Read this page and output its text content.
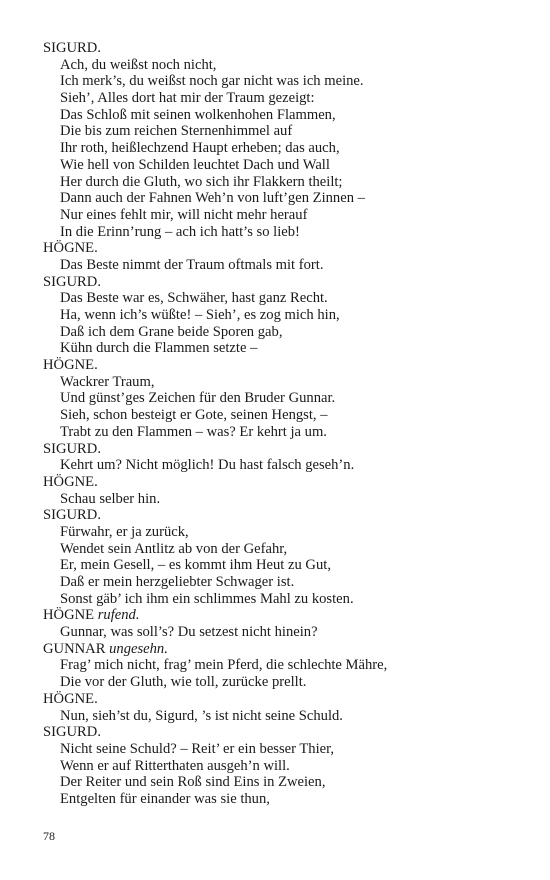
SIGURD.
Ach, du weißst noch nicht,
Ich merk’s, du weißst noch gar nicht was ich meine.
Sieh’, Alles dort hat mir der Traum gezeigt:
Das Schloß mit seinen wolkenhohen Flammen,
Die bis zum reichen Sternenhimmel auf
Ihr roth, heißlechzend Haupt erheben; das auch,
Wie hell von Schilden leuchtet Dach und Wall
Her durch die Gluth, wo sich ihr Flakkern theilt;
Dann auch der Fahnen Weh’n von luft’gen Zinnen –
Nur eines fehlt mir, will nicht mehr herauf
In die Erinn’rung – ach ich hatt’s so lieb!
HÖGNE.
Das Beste nimmt der Traum oftmals mit fort.
SIGURD.
Das Beste war es, Schwäher, hast ganz Recht.
Ha, wenn ich’s wüßte! – Sieh’, es zog mich hin,
Daß ich dem Grane beide Sporen gab,
Kühn durch die Flammen setzte –
HÖGNE.
Wackrer Traum,
Und günst’ges Zeichen für den Bruder Gunnar.
Sieh, schon besteigt er Gote, seinen Hengst, –
Trabt zu den Flammen – was? Er kehrt ja um.
SIGURD.
Kehrt um? Nicht möglich! Du hast falsch geseh’n.
HÖGNE.
Schau selber hin.
SIGURD.
Fürwahr, er ja zurück,
Wendet sein Antlitz ab von der Gefahr,
Er, mein Gesell, – es kommt ihm Heut zu Gut,
Daß er mein herzgeliebter Schwager ist.
Sonst gäb’ ich ihm ein schlimmes Mahl zu kosten.
HÖGNE rufend.
Gunnar, was soll’s? Du setzest nicht hinein?
GUNNAR ungesehn.
Frag’ mich nicht, frag’ mein Pferd, die schlechte Mähre,
Die vor der Gluth, wie toll, zurücke prellt.
HÖGNE.
Nun, sieh’st du, Sigurd, ’s ist nicht seine Schuld.
SIGURD.
Nicht seine Schuld? – Reit’ er ein besser Thier,
Wenn er auf Ritterthaten ausgeh’n will.
Der Reiter und sein Roß sind Eins in Zweien,
Entgelten für einander was sie thun,
78
